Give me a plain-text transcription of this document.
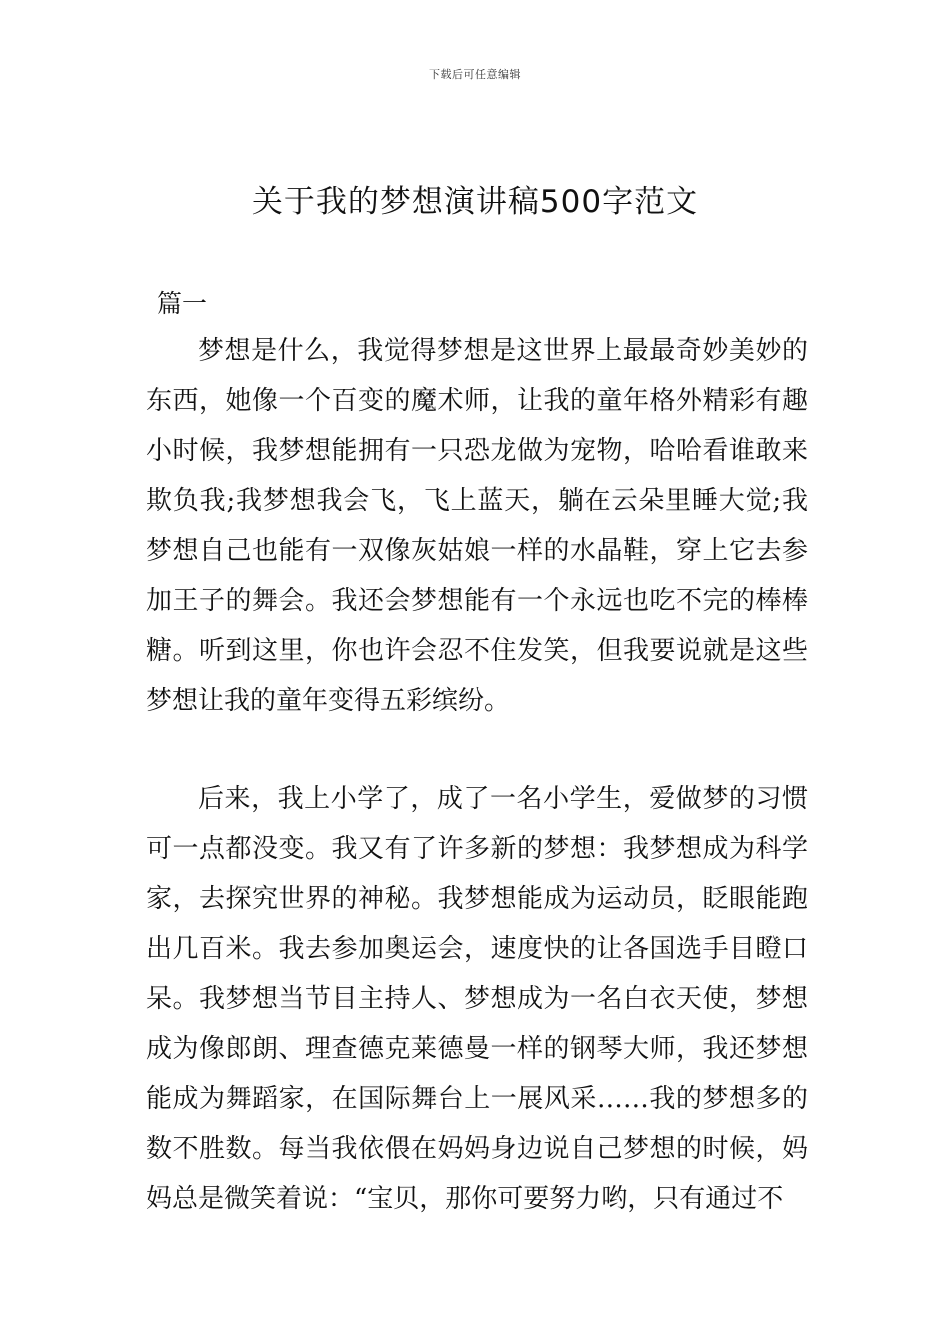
下载后可任意编辑
关于我的梦想演讲稿500字范文
篇一

梦想是什么，我觉得梦想是这世界上最最奇妙美妙的东西，她像一个百变的魔术师，让我的童年格外精彩有趣小时候，我梦想能拥有一只恐龙做为宠物，哈哈看谁敢来欺负我;我梦想我会飞，飞上蓝天，躺在云朵里睡大觉;我梦想自己也能有一双像灰姑娘一样的水晶鞋，穿上它去参加王子的舞会。我还会梦想能有一个永远也吃不完的棒棒糖。听到这里，你也许会忍不住发笑，但我要说就是这些梦想让我的童年变得五彩缤纷。

后来，我上小学了，成了一名小学生，爱做梦的习惯可一点都没变。我又有了许多新的梦想：我梦想成为科学家，去探究世界的神秘。我梦想能成为运动员，眨眼能跑出几百米。我去参加奥运会，速度快的让各国选手目瞪口呆。我梦想当节目主持人、梦想成为一名白衣天使，梦想成为像郎朗、理查德克莱德曼一样的钢琴大师，我还梦想能成为舞蹈家，在国际舞台上一展风采……我的梦想多的数不胜数。每当我依偎在妈妈身边说自己梦想的时候，妈妈总是微笑着说：“宝贝，那你可要努力哟，只有通过不
